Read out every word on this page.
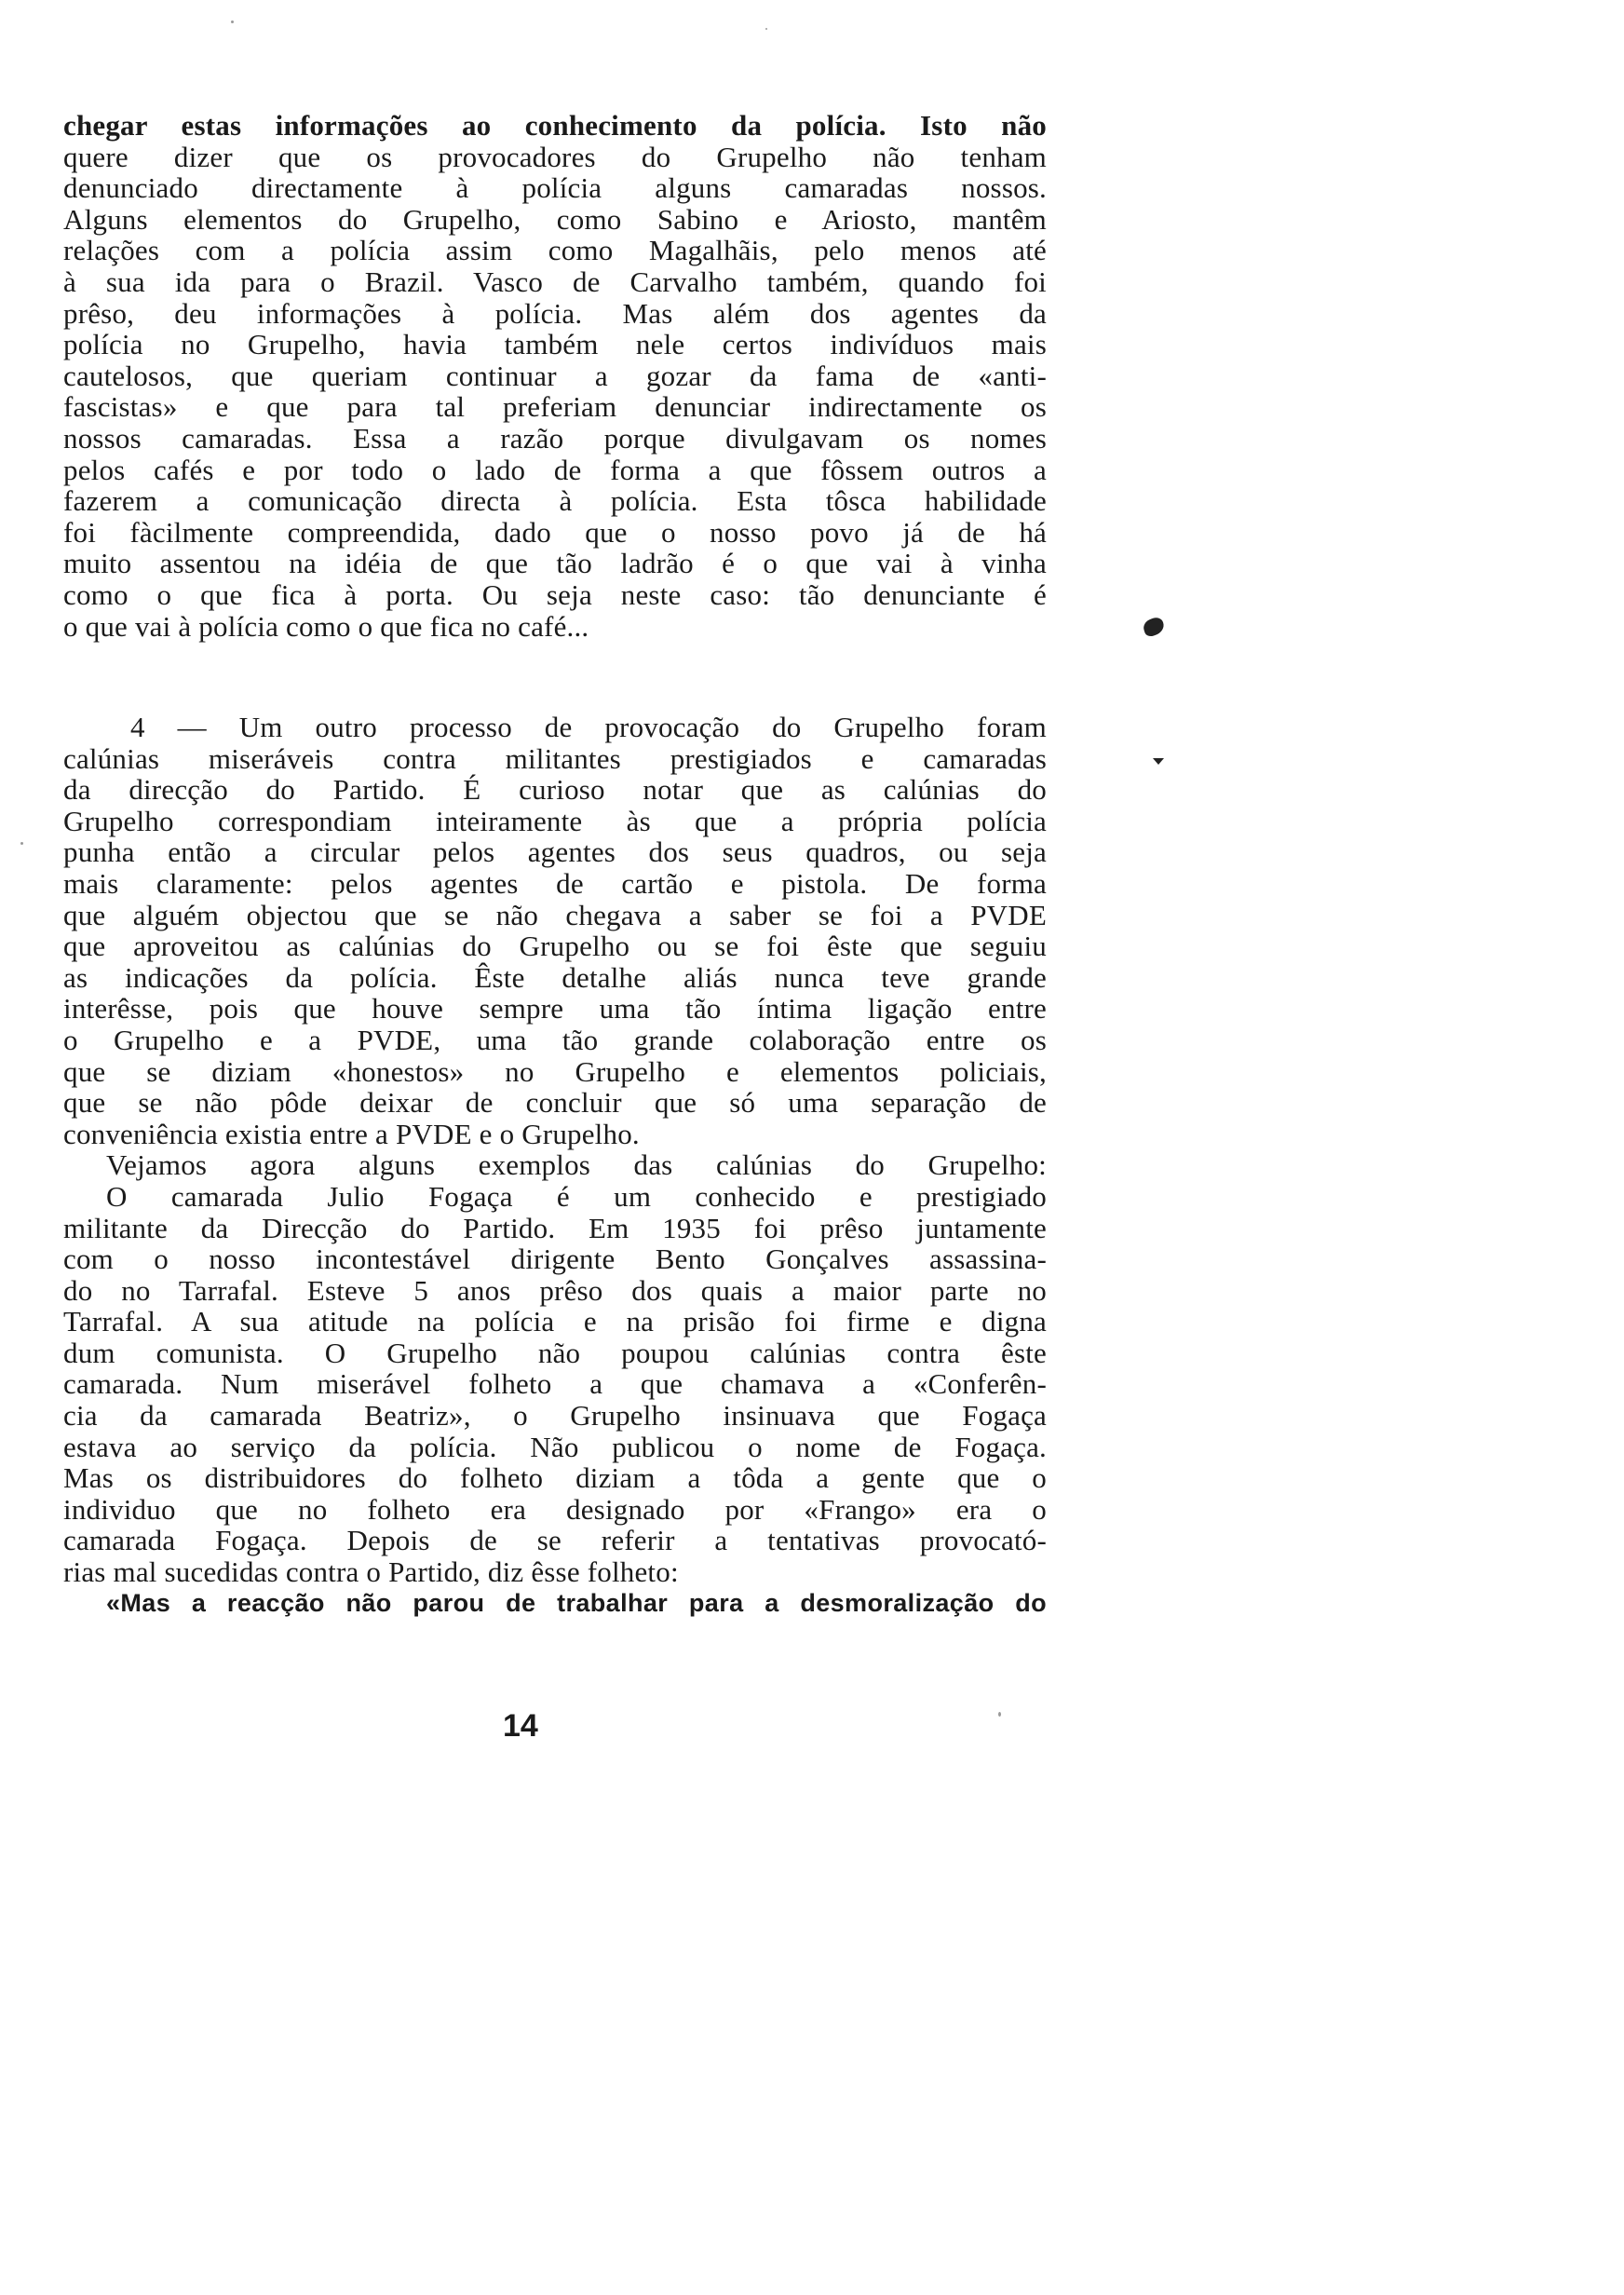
chegar estas informações ao conhecimento da polícia. Isto não
quere dizer que os provocadores do Grupelho não tenham
denunciado directamente à polícia alguns camaradas nossos.
Alguns elementos do Grupelho, como Sabino e Ariosto, mantêm
relações com a polícia assim como Magalhãis, pelo menos até
à sua ida para o Brazil. Vasco de Carvalho também, quando foi
prêso, deu informações à polícia. Mas além dos agentes da
polícia no Grupelho, havia também nele certos indivíduos mais
cautelosos, que queriam continuar a gozar da fama de «anti-
fascistas» e que para tal preferiam denunciar indirectamente os
nossos camaradas. Essa a razão porque divulgavam os nomes
pelos cafés e por todo o lado de forma a que fôssem outros a
fazerem a comunicação directa à polícia. Esta tôsca habilidade
foi fàcilmente compreendida, dado que o nosso povo já de há
muito assentou na idéia de que tão ladrão é o que vai à vinha
como o que fica à porta. Ou seja neste caso: tão denunciante é
o que vai à polícia como o que fica no café...
4 — Um outro processo de provocação do Grupelho foram
calúnias miseráveis contra militantes prestigiados e camaradas
da direcção do Partido. É curioso notar que as calúnias do
Grupelho correspondiam inteiramente às que a própria polícia
punha então a circular pelos agentes dos seus quadros, ou seja
mais claramente: pelos agentes de cartão e pistola. De forma
que alguém objectou que se não chegava a saber se foi a PVDE
que aproveitou as calúnias do Grupelho ou se foi êste que seguiu
as indicações da polícia. Êste detalhe aliás nunca teve grande
interêsse, pois que houve sempre uma tão íntima ligação entre
o Grupelho e a PVDE, uma tão grande colaboração entre os
que se diziam «honestos» no Grupelho e elementos policiais,
que se não pôde deixar de concluir que só uma separação de
conveniência existia entre a PVDE e o Grupelho.
Vejamos agora alguns exemplos das calúnias do Grupelho:
O camarada Julio Fogaça é um conhecido e prestigiado
militante da Direcção do Partido. Em 1935 foi prêso juntamente
com o nosso incontestável dirigente Bento Gonçalves assassina-
do no Tarrafal. Esteve 5 anos prêso dos quais a maior parte no
Tarrafal. A sua atitude na polícia e na prisão foi firme e digna
dum comunista. O Grupelho não poupou calúnias contra êste
camarada. Num miserável folheto a que chamava a «Conferên-
cia da camarada Beatriz», o Grupelho insinuava que Fogaça
estava ao serviço da polícia. Não publicou o nome de Fogaça.
Mas os distribuidores do folheto diziam a tôda a gente que o
individuo que no folheto era designado por «Frango» era o
camarada Fogaça. Depois de se referir a tentativas provocató-
rias mal sucedidas contra o Partido, diz êsse folheto:
«Mas a reacção não parou de trabalhar para a desmoralização do
14
